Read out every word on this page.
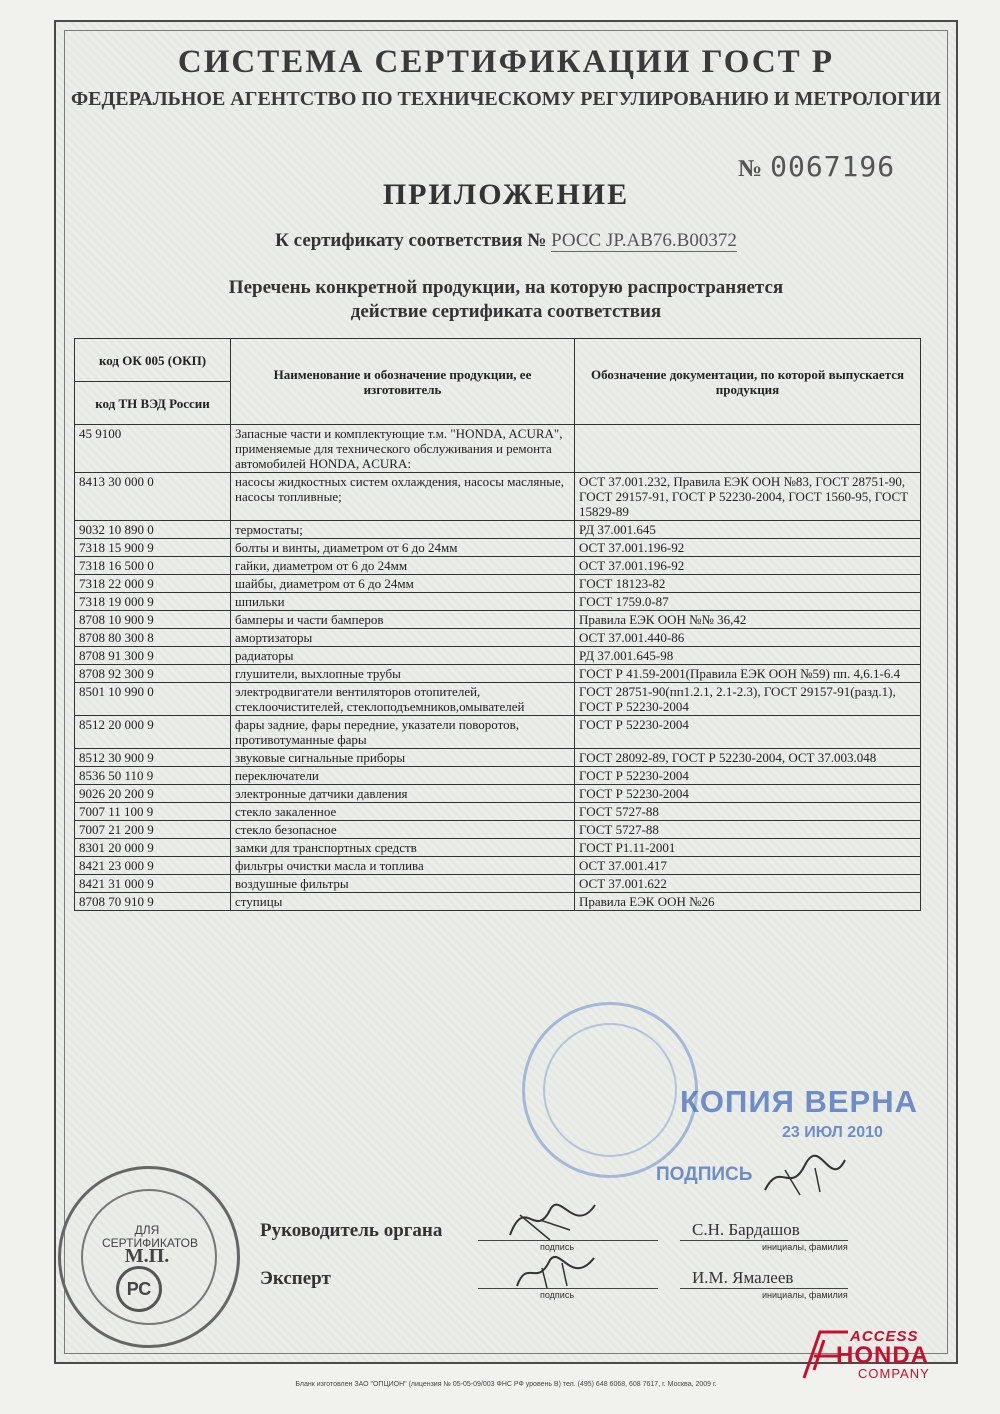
СИСТЕМА СЕРТИФИКАЦИИ ГОСТ Р
ФЕДЕРАЛЬНОЕ АГЕНТСТВО ПО ТЕХНИЧЕСКОМУ РЕГУЛИРОВАНИЮ И МЕТРОЛОГИИ
№ 0067196
ПРИЛОЖЕНИЕ
К сертификату соответствия № РОСС JP.АВ76.В00372
Перечень конкретной продукции, на которую распространяется
действие сертификата соответствия
код ОК 005 (ОКП)	Наименование и обозначение продукции, ее изготовитель	Обозначение документации, по которой выпускается продукция
код ТН ВЭД России		
45 9100	Запасные части и комплектующие т.м. "HONDA, ACURA", применяемые для технического обслуживания и ремонта автомобилей HONDA, ACURA:	
8413 30 000 0	насосы жидкостных систем охлаждения, насосы масляные, насосы топливные;	ОСТ 37.001.232, Правила ЕЭК ООН №83, ГОСТ 28751-90, ГОСТ 29157-91, ГОСТ Р 52230-2004, ГОСТ 1560-95, ГОСТ 15829-89
9032 10 890 0	термостаты;	РД 37.001.645
7318 15 900 9	болты и винты, диаметром от 6 до 24мм	ОСТ 37.001.196-92
7318 16 500 0	гайки, диаметром от 6 до 24мм	ОСТ 37.001.196-92
7318 22 000 9	шайбы, диаметром от 6 до 24мм	ГОСТ 18123-82
7318 19 000 9	шпильки	ГОСТ 1759.0-87
8708 10 900 9	бамперы и части бамперов	Правила ЕЭК ООН №№ 36,42
8708 80 300 8	амортизаторы	ОСТ 37.001.440-86
8708 91 300 9	радиаторы	РД 37.001.645-98
8708 92 300 9	глушители, выхлопные трубы	ГОСТ Р 41.59-2001(Правила ЕЭК ООН №59) пп. 4,6.1-6.4
8501 10 990 0	электродвигатели вентиляторов отопителей, стеклоочистителей, стеклоподъемников,омывателей	ГОСТ 28751-90(пп1.2.1, 2.1-2.3), ГОСТ 29157-91(разд.1), ГОСТ Р 52230-2004
8512 20 000 9	фары задние, фары передние, указатели поворотов, противотуманные фары	ГОСТ Р 52230-2004
8512 30 900 9	звуковые сигнальные приборы	ГОСТ 28092-89, ГОСТ Р 52230-2004, ОСТ 37.003.048
8536 50 110 9	переключатели	ГОСТ Р 52230-2004
9026 20 200 9	электронные датчики давления	ГОСТ Р 52230-2004
7007 11 100 9	стекло закаленное	ГОСТ 5727-88
7007 21 200 9	стекло безопасное	ГОСТ 5727-88
8301 20 000 9	замки для транспортных средств	ГОСТ Р1.11-2001
8421 23 000 9	фильтры очистки масла и топлива	ОСТ 37.001.417
8421 31 000 9	воздушные фильтры	ОСТ 37.001.622
8708 70 910 9	ступицы	Правила ЕЭК ООН №26
КОПИЯ ВЕРНА
23 ИЮЛ 2010
ПОДПИСЬ
ДЛЯ
СЕРТИФИКАТОВ
М.П.
РС
Руководитель органа
подпись
С.Н. Бардашов
инициалы, фамилия
Эксперт
подпись
И.М. Ямалеев
инициалы, фамилия
Бланк изготовлен ЗАО "ОПЦИОН" (лицензия № 05-05-09/003 ФНС РФ уровень В) тел. (495) 648 6068, 608 7617, г. Москва, 2009 г.
ACCESS
HONDA
COMPANY
